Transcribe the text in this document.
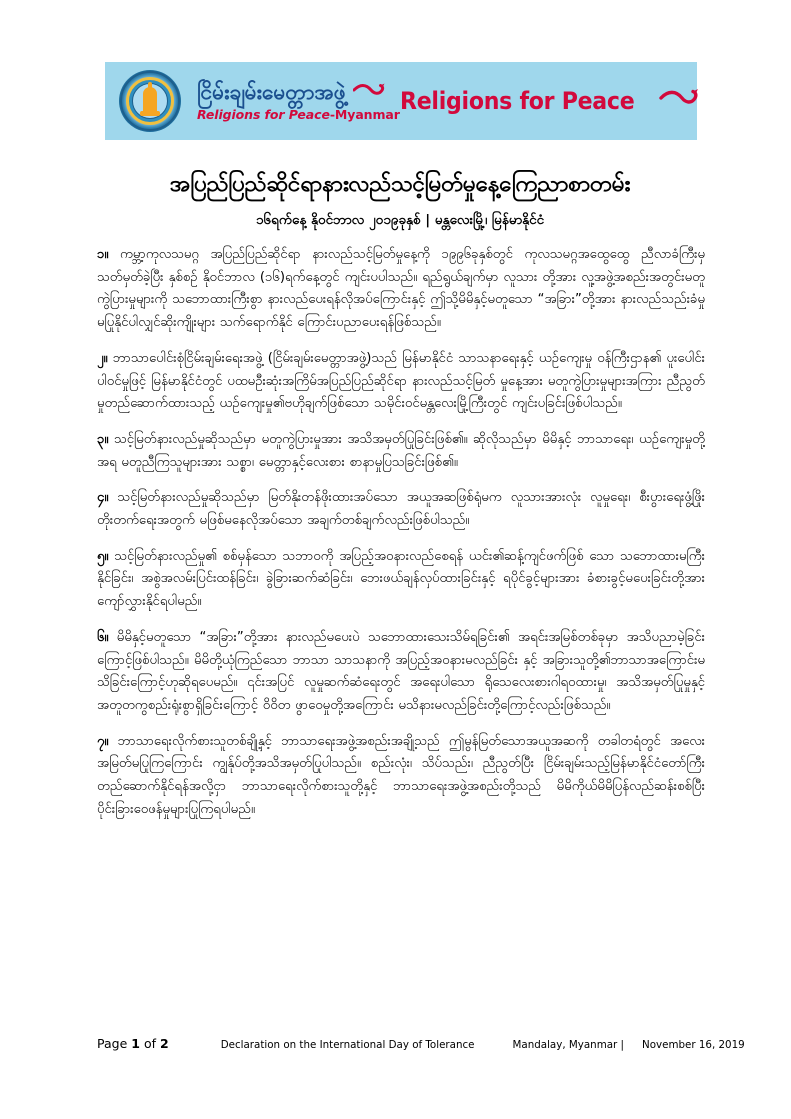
ငြိမ်းချမ်းမေတ္တာအဖွဲ့
Religions for Peace-Myanmar Religions for Peace
အပြည်ပြည်ဆိုင်ရာနားလည်သင့်မြတ်မှုနေ့ကြေညာစာတမ်း
၁၆ရက်နေ့ နိုဝင်ဘာလ ၂၀၁၉ခုနှစ် | မန္တလေးမြို့၊ မြန်မာနိုင်ငံ

၁။ ကမ္ဘာ့ကုလသမဂ္ဂ အပြည်ပြည်ဆိုင်ရာ နားလည်သင့်မြတ်မှုနေ့ကို ၁၉၉၆ခုနှစ်တွင် ကုလသမဂ္ဂအထွေထွေ ညီလာခံကြီးမှ သတ်မှတ်ခဲ့ပြီး နှစ်စဉ် နိုဝင်ဘာလ (၁၆)ရက်နေ့တွင် ကျင်းပပါသည်။ ရည်ရွယ်ချက်မှာ လူသား တို့အား လူ့အဖွဲ့အစည်းအတွင်းမတူကွဲပြားမှုများကို သဘောထားကြီးစွာ နားလည်ပေးရန်လိုအပ်ကြောင်းနှင့် ဤသို့မိမိနှင့်မတူသော “အခြား”တို့အား နားလည်သည်းခံမှုမပြုနိုင်ပါလျှင်ဆိုးကျိုးများ သက်ရောက်နိုင် ကြောင်းပညာပေးရန်ဖြစ်သည်။

၂။ ဘာသာပေါင်းစုံငြိမ်းချမ်းရေးအဖွဲ့ (ငြိမ်းချမ်းမေတ္တာအဖွဲ့)သည် မြန်မာနိုင်ငံ သာသနာရေးနှင့် ယဉ်ကျေးမှု ဝန်ကြီးဌာန၏ ပူးပေါင်းပါဝင်မှုဖြင့် မြန်မာနိုင်ငံတွင် ပထမဦးဆုံးအကြိမ်အပြည်ပြည်ဆိုင်ရာ နားလည်သင့်မြတ် မှုနေ့အား မတူကွဲပြားမှုများအကြား ညီညွတ်မှုတည်ဆောက်ထားသည့် ယဉ်ကျေးမှု၏ဗဟိုချက်ဖြစ်သော သမိုင်းဝင်မန္တလေးမြို့ကြီးတွင် ကျင်းပခြင်းဖြစ်ပါသည်။

၃။ သင့်မြတ်နားလည်မှုဆိုသည်မှာ မတူကွဲပြားမှုအား အသိအမှတ်ပြုခြင်းဖြစ်၏။ ဆိုလိုသည်မှာ မိမိနှင့် ဘာသာရေး၊ ယဉ်ကျေးမှုတို့အရ မတူညီကြသူများအား သစ္စာ၊ မေတ္တာနှင့်လေးစား စာနာမှုပြသခြင်းဖြစ်၏။

၄။ သင့်မြတ်နားလည်မှုဆိုသည်မှာ မြတ်နိုးတန်ဖိုးထားအပ်သော အယူအဆဖြစ်ရုံမက လူသားအားလုံး လူမှုရေး၊ စီးပွားရေးဖွံ့ဖြိုးတိုးတက်ရေးအတွက် မဖြစ်မနေလိုအပ်သော အချက်တစ်ချက်လည်းဖြစ်ပါသည်။

၅။ သင့်မြတ်နားလည်မှု၏ စစ်မှန်သော သဘာဝကို အပြည့်အဝနားလည်စေရန် ယင်း၏ဆန့်ကျင်ဖက်ဖြစ် သော သဘောထားမကြီးနိုင်ခြင်း၊ အစွဲအလမ်းပြင်းထန်ခြင်း၊ ခွဲခြားဆက်ဆံခြင်း၊ ဘေးဖယ်ချန်လှပ်ထားခြင်းနှင့် ရပိုင်ခွင့်များအား ခံစားခွင့်မပေးခြင်းတို့အား ကျော်လွှားနိုင်ရပါမည်။

၆။ မိမိနှင့်မတူသော “အခြား”တို့အား နားလည်မပေးပဲ သဘောထားသေးသိမ်ရခြင်း၏ အရင်းအမြစ်တစ်ခုမှာ အသိပညာမဲ့ခြင်းကြောင့်ဖြစ်ပါသည်။ မိမိတို့ယုံကြည်သော ဘာသာ သာသနာကို အပြည့်အဝနားမလည်ခြင်း နှင့် အခြားသူတို့၏ဘာသာအကြောင်းမသိခြင်းကြောင့်ဟုဆိုရပေမည်။ ၎င်းအပြင် လူမှုဆက်ဆံရေးတွင် အရေးပါသော ရိုသေလေးစားဂါရဝထားမှု၊ အသိအမှတ်ပြုမှုနှင့် အတူတကွစည်းရုံးစွာရှိခြင်းကြောင့် ဝိဝိတ ဖွာဝေမှုတို့အကြောင်း မသိနားမလည်ခြင်းတို့ကြောင့်လည်းဖြစ်သည်။

၇။ ဘာသာရေးလိုက်စားသူတစ်ချို့နှင့် ဘာသာရေးအဖွဲ့အစည်းအချို့သည် ဤမွန်မြတ်သောအယူအဆကို တခါတရံတွင် အလေးအမြတ်မပြုကြကြောင်း ကျွန်ုပ်တို့အသိအမှတ်ပြုပါသည်။ စည်းလုံး၊ သိပ်သည်း၊ ညီညွတ်ပြီး ငြိမ်းချမ်းသည့်မြန်မာနိုင်ငံတော်ကြီး တည်ဆောက်နိုင်ရန်အလို့ငှာ ဘာသာရေးလိုက်စားသူတို့နှင့် ဘာသာရေးအဖွဲ့အစည်းတို့သည် မိမိကိုယ်မိမိပြန်လည်ဆန်းစစ်ပြီး ပိုင်းခြားဝေဖန်မှုများပြုကြရပါမည်။

Page 1 of 2	Declaration on the International Day of Tolerance	Mandalay, Myanmar | November 16, 2019
